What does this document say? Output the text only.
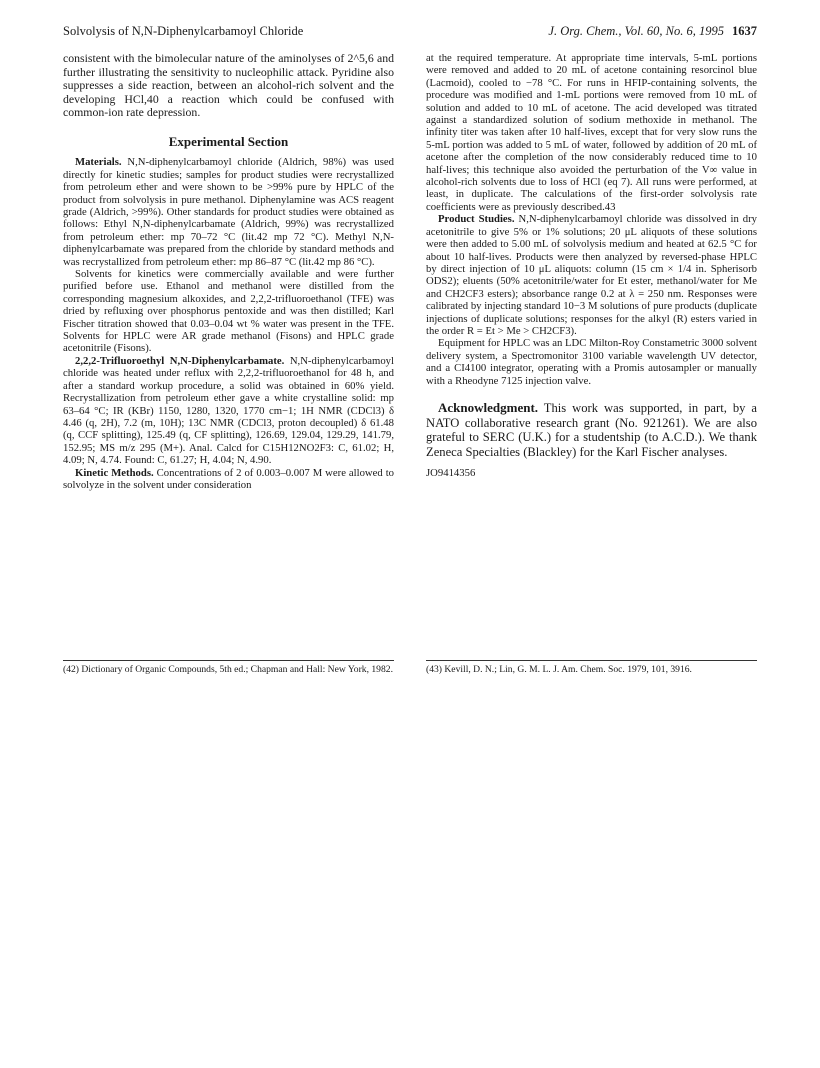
Solvolysis of N,N-Diphenylcarbamoyl Chloride	J. Org. Chem., Vol. 60, No. 6, 1995 1637

consistent with the bimolecular nature of the aminolyses of 2^5,6 and further illustrating the sensitivity to nucleophilic attack. Pyridine also suppresses a side reaction, between an alcohol-rich solvent and the developing HCl,40 a reaction which could be confused with common-ion rate depression.

Experimental Section

Materials. N,N-diphenylcarbamoyl chloride (Aldrich, 98%) was used directly for kinetic studies; samples for product studies were recrystallized from petroleum ether and were shown to be >99% pure by HPLC of the product from solvolysis in pure methanol. Diphenylamine was ACS reagent grade (Aldrich, >99%). Other standards for product studies were obtained as follows: Ethyl N,N-diphenylcarbamate (Aldrich, 99%) was recrystallized from petroleum ether: mp 70–72 °C (lit.42 mp 72 °C). Methyl N,N-diphenylcarbamate was prepared from the chloride by standard methods and was recrystallized from petroleum ether: mp 86–87 °C (lit.42 mp 86 °C).

Solvents for kinetics were commercially available and were further purified before use. Ethanol and methanol were distilled from the corresponding magnesium alkoxides, and 2,2,2-trifluoroethanol (TFE) was dried by refluxing over phosphorus pentoxide and was then distilled; Karl Fischer titration showed that 0.03–0.04 wt % water was present in the TFE. Solvents for HPLC were AR grade methanol (Fisons) and HPLC grade acetonitrile (Fisons).

2,2,2-Trifluoroethyl N,N-Diphenylcarbamate. N,N-diphenylcarbamoyl chloride was heated under reflux with 2,2,2-trifluoroethanol for 48 h, and after a standard workup procedure, a solid was obtained in 60% yield. Recrystallization from petroleum ether gave a white crystalline solid: mp 63–64 °C; IR (KBr) 1150, 1280, 1320, 1770 cm−1; 1H NMR (CDCl3) δ 4.46 (q, 2H), 7.2 (m, 10H); 13C NMR (CDCl3, proton decoupled) δ 61.48 (q, CCF splitting), 125.49 (q, CF splitting), 126.69, 129.04, 129.29, 141.79, 152.95; MS m/z 295 (M+). Anal. Calcd for C15H12NO2F3: C, 61.02; H, 4.09; N, 4.74. Found: C, 61.27; H, 4.04; N, 4.90.

Kinetic Methods. Concentrations of 2 of 0.003–0.007 M were allowed to solvolyze in the solvent under consideration

at the required temperature. At appropriate time intervals, 5-mL portions were removed and added to 20 mL of acetone containing resorcinol blue (Lacmoid), cooled to −78 °C. For runs in HFIP-containing solvents, the procedure was modified and 1-mL portions were removed from 10 mL of solution and added to 10 mL of acetone. The acid developed was titrated against a standardized solution of sodium methoxide in methanol. The infinity titer was taken after 10 half-lives, except that for very slow runs the 5-mL portion was added to 5 mL of water, followed by addition of 20 mL of acetone after the completion of the now considerably reduced time to 10 half-lives; this technique also avoided the perturbation of the V∞ value in alcohol-rich solvents due to loss of HCl (eq 7). All runs were performed, at least, in duplicate. The calculations of the first-order solvolysis rate coefficients were as previously described.43

Product Studies. N,N-diphenylcarbamoyl chloride was dissolved in dry acetonitrile to give 5% or 1% solutions; 20 μL aliquots of these solutions were then added to 5.00 mL of solvolysis medium and heated at 62.5 °C for about 10 half-lives. Products were then analyzed by reversed-phase HPLC by direct injection of 10 μL aliquots: column (15 cm × 1/4 in. Spherisorb ODS2); eluents (50% acetonitrile/water for Et ester, methanol/water for Me and CH2CF3 esters); absorbance range 0.2 at λ = 250 nm. Responses were calibrated by injecting standard 10−3 M solutions of pure products (duplicate injections of duplicate solutions; responses for the alkyl (R) esters varied in the order R = Et > Me > CH2CF3).

Equipment for HPLC was an LDC Milton-Roy Constametric 3000 solvent delivery system, a Spectromonitor 3100 variable wavelength UV detector, and a CI4100 integrator, operating with a Promis autosampler or manually with a Rheodyne 7125 injection valve.

Acknowledgment. This work was supported, in part, by a NATO collaborative research grant (No. 921261). We are also grateful to SERC (U.K.) for a studentship (to A.C.D.). We thank Zeneca Specialties (Blackley) for the Karl Fischer analyses.

JO9414356

(42) Dictionary of Organic Compounds, 5th ed.; Chapman and Hall: New York, 1982.	(43) Kevill, D. N.; Lin, G. M. L. J. Am. Chem. Soc. 1979, 101, 3916.
